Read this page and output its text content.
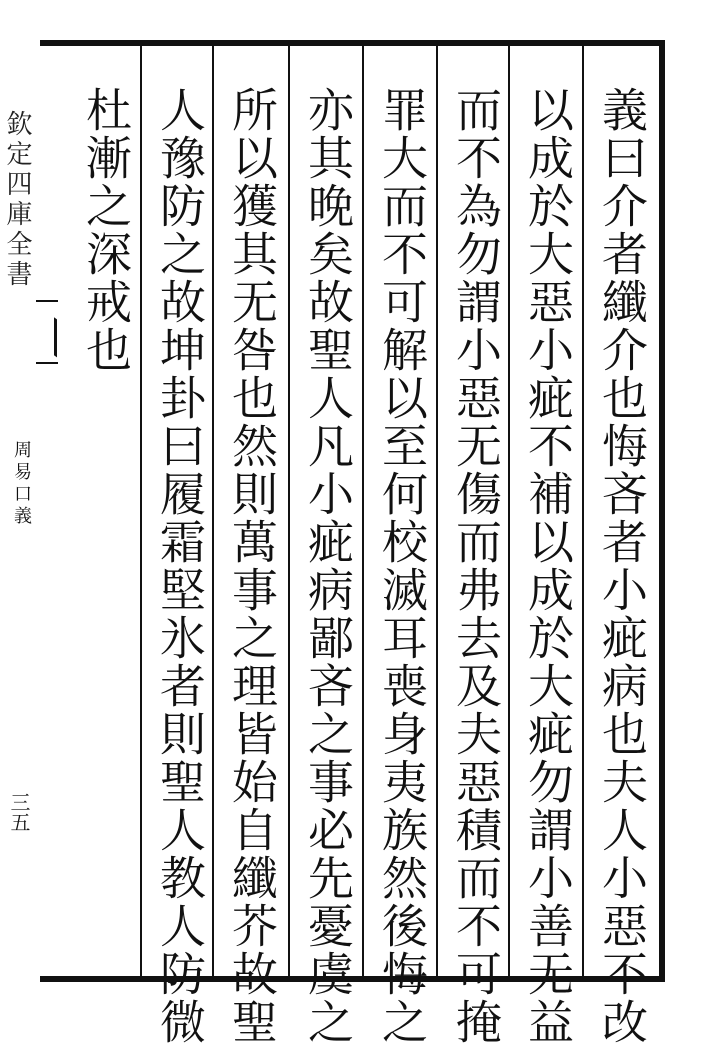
義曰介者纖介也悔吝者小疵病也夫人小惡不改
以成於大惡小疵不補以成於大疵勿謂小善无益
而不為勿謂小惡无傷而弗去及夫惡積而不可掩
罪大而不可解以至何校滅耳喪身夷族然後悔之
亦其晚矣故聖人凡小疵病鄙吝之事必先憂虞之
所以獲其无咎也然則萬事之理皆始自纖芥故聖
人豫防之故坤卦曰履霜堅氷者則聖人教人防微
杜漸之深戒也
欽定四庫全書
周易口義
三五
